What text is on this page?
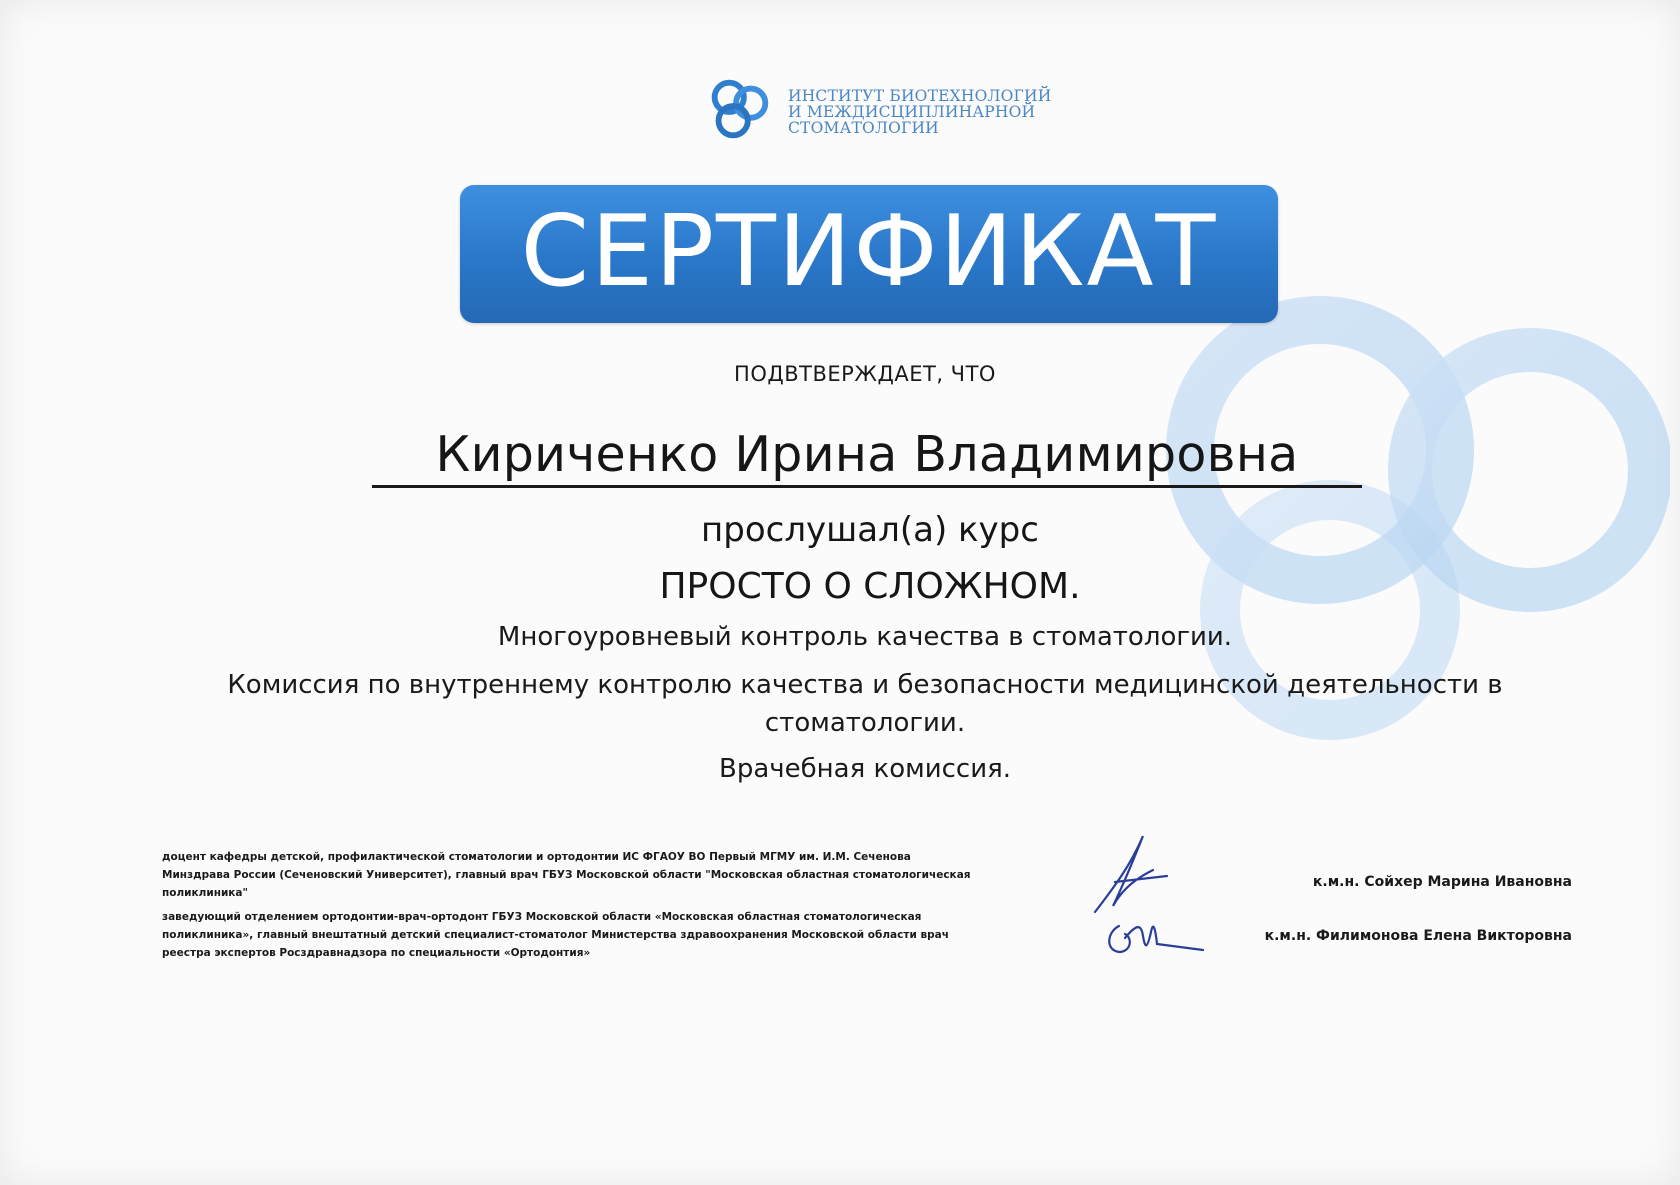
ИНСТИТУТ БИОТЕХНОЛОГИЙ
И МЕЖДИСЦИПЛИНАРНОЙ
СТОМАТОЛОГИИ
СЕРТИФИКАТ
ПОДВТВЕРЖДАЕТ, ЧТО
Кириченко Ирина Владимировна
прослушал(а) курс
ПРОСТО О СЛОЖНОМ.
Многоуровневый контроль качества в стоматологии.
Комиссия по внутреннему контролю качества и безопасности медицинской деятельности в
стоматологии.
Врачебная комиссия.
доцент кафедры детской, профилактической стоматологии и ортодонтии ИС ФГАОУ ВО Первый МГМУ им. И.М. Сеченова Минздрава России (Сеченовский Университет), главный врач ГБУЗ Московской области "Московская областная стоматологическая поликлиника"
заведующий отделением ортодонтии-врач-ортодонт ГБУЗ Московской области «Московская областная стоматологическая поликлиника», главный внештатный детский специалист-стоматолог Министерства здравоохранения Московской области врач реестра экспертов Росздравнадзора по специальности «Ортодонтия»
к.м.н. Сойхер Марина Ивановна
к.м.н. Филимонова Елена Викторовна
